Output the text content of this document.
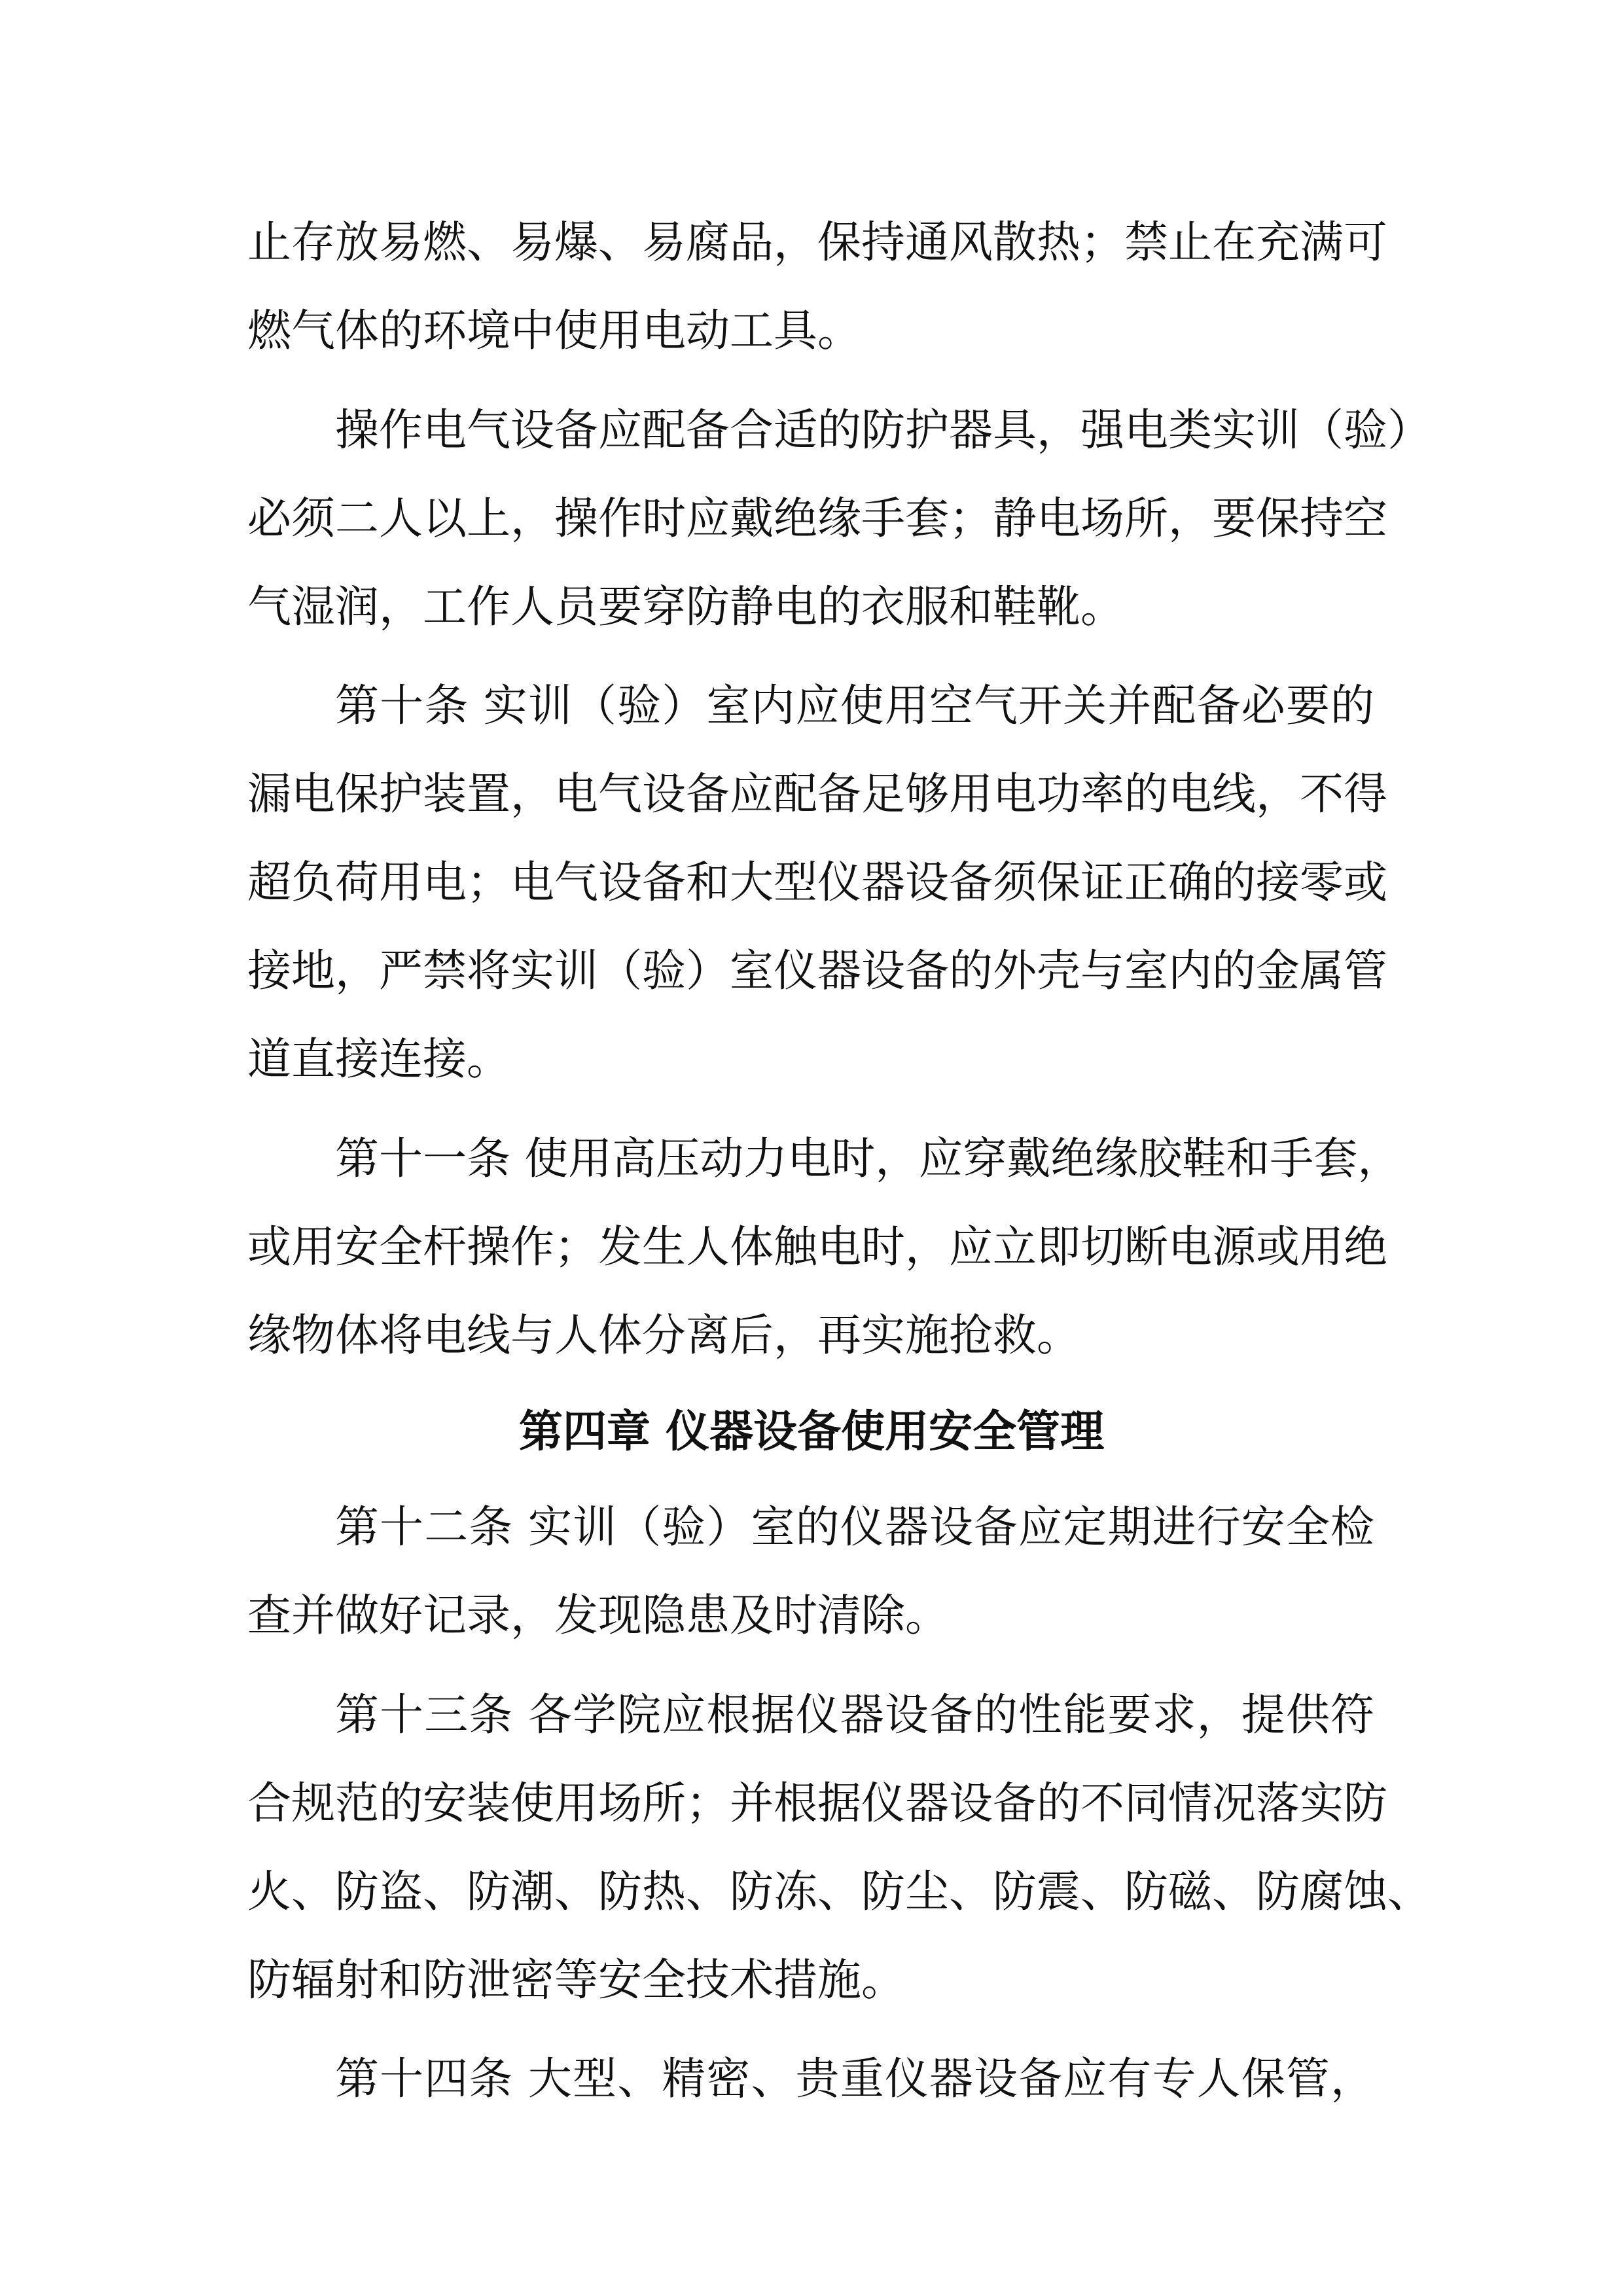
止存放易燃、易爆、易腐品，保持通风散热；禁止在充满可
燃气体的环境中使用电动工具。
操作电气设备应配备合适的防护器具，强电类实训（验）
必须二人以上，操作时应戴绝缘手套；静电场所，要保持空
气湿润，工作人员要穿防静电的衣服和鞋靴。
第十条 实训（验）室内应使用空气开关并配备必要的
漏电保护装置，电气设备应配备足够用电功率的电线，不得
超负荷用电；电气设备和大型仪器设备须保证正确的接零或
接地，严禁将实训（验）室仪器设备的外壳与室内的金属管
道直接连接。
第十一条 使用高压动力电时，应穿戴绝缘胶鞋和手套，
或用安全杆操作；发生人体触电时，应立即切断电源或用绝
缘物体将电线与人体分离后，再实施抢救。
第四章 仪器设备使用安全管理
第十二条 实训（验）室的仪器设备应定期进行安全检
查并做好记录，发现隐患及时清除。
第十三条 各学院应根据仪器设备的性能要求，提供符
合规范的安装使用场所；并根据仪器设备的不同情况落实防
火、防盗、防潮、防热、防冻、防尘、防震、防磁、防腐蚀、
防辐射和防泄密等安全技术措施。
第十四条 大型、精密、贵重仪器设备应有专人保管，
